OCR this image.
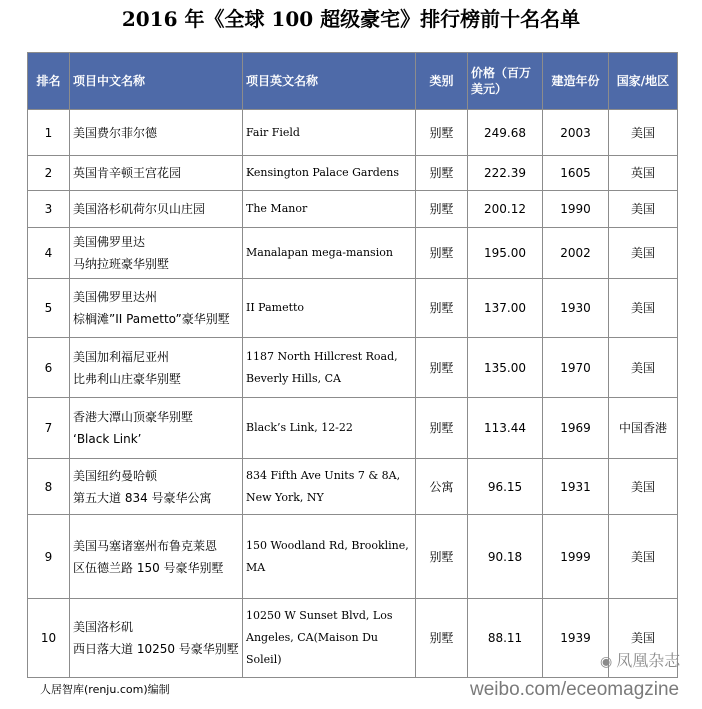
2016 年《全球 100 超级豪宅》排行榜前十名名单
排名	项目中文名称	项目英文名称	类别	价格（百万美元）	建造年份	国家/地区
1	美国费尔菲尔德	Fair Field	别墅	249.68	2003	美国
2	英国肯辛顿王宫花园	Kensington Palace Gardens	别墅	222.39	1605	英国
3	美国洛杉矶荷尔贝山庄园	The Manor	别墅	200.12	1990	美国
4	美国佛罗里达
马纳拉班豪华别墅	Manalapan mega-mansion	别墅	195.00	2002	美国
5	美国佛罗里达州
棕榈滩”II Pametto”豪华别墅	II Pametto	别墅	137.00	1930	美国
6	美国加利福尼亚州
比弗利山庄豪华别墅	1187 North Hillcrest Road,
Beverly Hills, CA	别墅	135.00	1970	美国
7	香港大潭山顶豪华别墅
‘Black Link’	Black’s Link, 12-22	别墅	113.44	1969	中国香港
8	美国纽约曼哈顿
第五大道 834 号豪华公寓	834 Fifth Ave Units 7 & 8A,
New York, NY	公寓	96.15	1931	美国
9	美国马塞诸塞州布鲁克莱恩
区伍德兰路 150 号豪华别墅	150 Woodland Rd, Brookline,
MA	别墅	90.18	1999	美国
10	美国洛杉矶
西日落大道 10250 号豪华别墅	10250 W Sunset Blvd, Los
Angeles, CA(Maison Du
Soleil)	别墅	88.11	1939	美国
人居智库(renju.com)编制
◉ 凤凰杂志
weibo.com/eceomagzine
